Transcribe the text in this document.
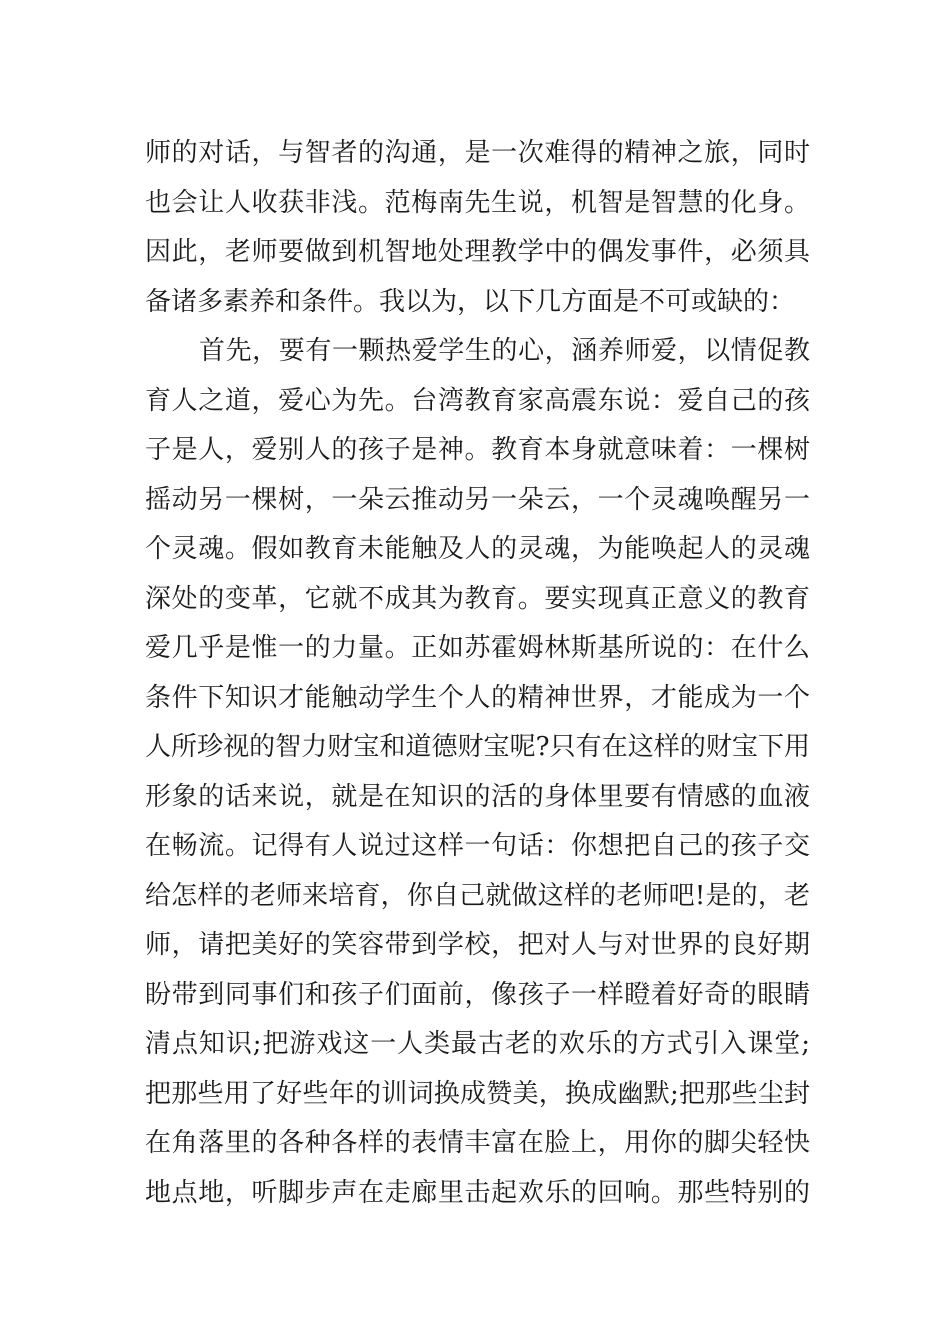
师的对话，与智者的沟通，是一次难得的精神之旅，同时
也会让人收获非浅。范梅南先生说，机智是智慧的化身。
因此，老师要做到机智地处理教学中的偶发事件，必须具
备诸多素养和条件。我以为，以下几方面是不可或缺的：
首先，要有一颗热爱学生的心，涵养师爱，以情促教
育人之道，爱心为先。台湾教育家高震东说：爱自己的孩
子是人，爱别人的孩子是神。教育本身就意味着：一棵树
摇动另一棵树，一朵云推动另一朵云，一个灵魂唤醒另一
个灵魂。假如教育未能触及人的灵魂，为能唤起人的灵魂
深处的变革，它就不成其为教育。要实现真正意义的教育
爱几乎是惟一的力量。正如苏霍姆林斯基所说的：在什么
条件下知识才能触动学生个人的精神世界，才能成为一个
人所珍视的智力财宝和道德财宝呢?只有在这样的财宝下用
形象的话来说，就是在知识的活的身体里要有情感的血液
在畅流。记得有人说过这样一句话：你想把自己的孩子交
给怎样的老师来培育，你自己就做这样的老师吧!是的，老
师，请把美好的笑容带到学校，把对人与对世界的良好期
盼带到同事们和孩子们面前，像孩子一样瞪着好奇的眼睛
清点知识;把游戏这一人类最古老的欢乐的方式引入课堂;
把那些用了好些年的训词换成赞美，换成幽默;把那些尘封
在角落里的各种各样的表情丰富在脸上，用你的脚尖轻快
地点地，听脚步声在走廊里击起欢乐的回响。那些特别的
